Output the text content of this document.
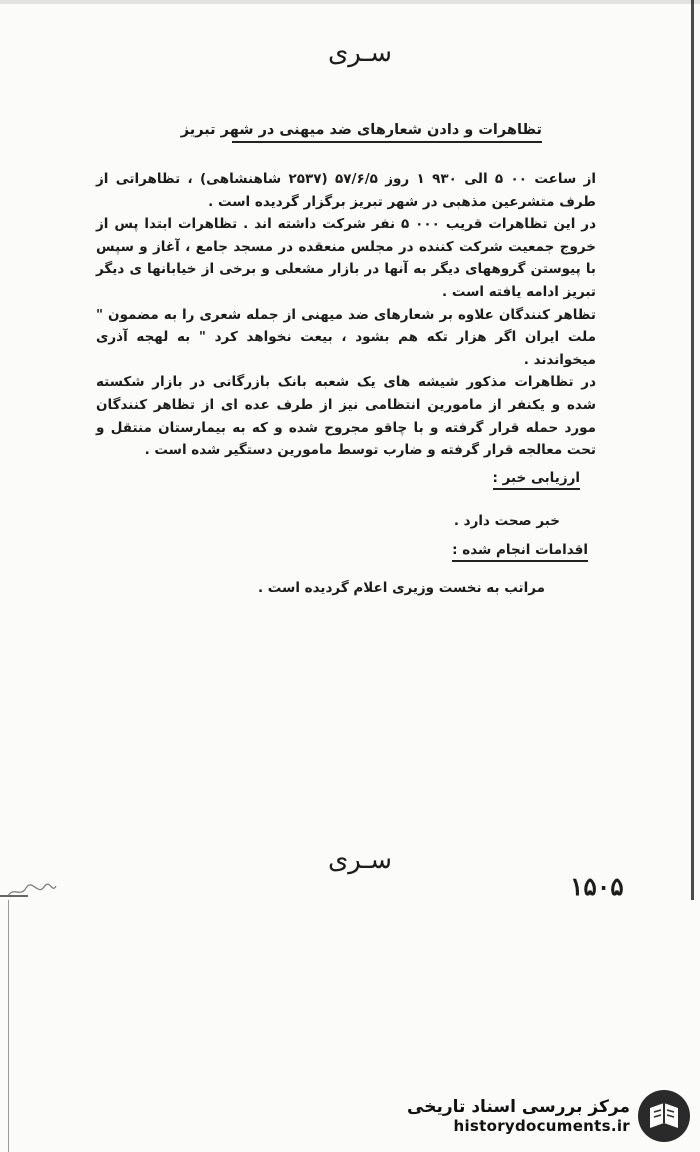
سـری
تظاهرات و دادن شعارهای ضد میهنی در شهر تبریز

از ساعت ۰۰ ۵ الی ۹۳۰ ۱ روز ۵۷/۶/۵ (۲۵۳۷ شاهنشاهی) ، تظاهراتی از طرف متشرعین مذهبی در شهر تبریز برگزار گردیده است .

در این تظاهرات قریب ۰۰۰ ۵ نفر شرکت داشته اند . تظاهرات ابتدا پس از خروج جمعیت شرکت کننده در مجلس منعقده در مسجد جامع ، آغاز و سپس با پیوستن گروههای دیگر به آنها در بازار مشعلی و برخی از خیابانها ی دیگر تبریز ادامه یافته است .

تظاهر کنندگان علاوه بر شعارهای ضد میهنی از جمله شعری را به مضمون " ملت ایران اگر هزار تکه هم بشود ، بیعت نخواهد کرد " به لهجه آذری میخواندند .

در تظاهرات مذکور شیشه های یک شعبه بانک بازرگانی در بازار شکسته شده و یکنفر از مامورین انتظامی نیز از طرف عده ای از تظاهر کنندگان مورد حمله قرار گرفته و با چاقو مجروح شده و که به بیمارستان منتقل و تحت معالجه قرار گرفته و ضارب توسط مامورین دستگیر شده است .

ارزیابی خبر :
خبر صحت دارد .
اقدامات انجام شده :
مراتب به نخست وزیری اعلام گردیده است .
سـری
۱۵۰۵
مرکز بررسی اسناد تاریخی
historydocuments.ir
